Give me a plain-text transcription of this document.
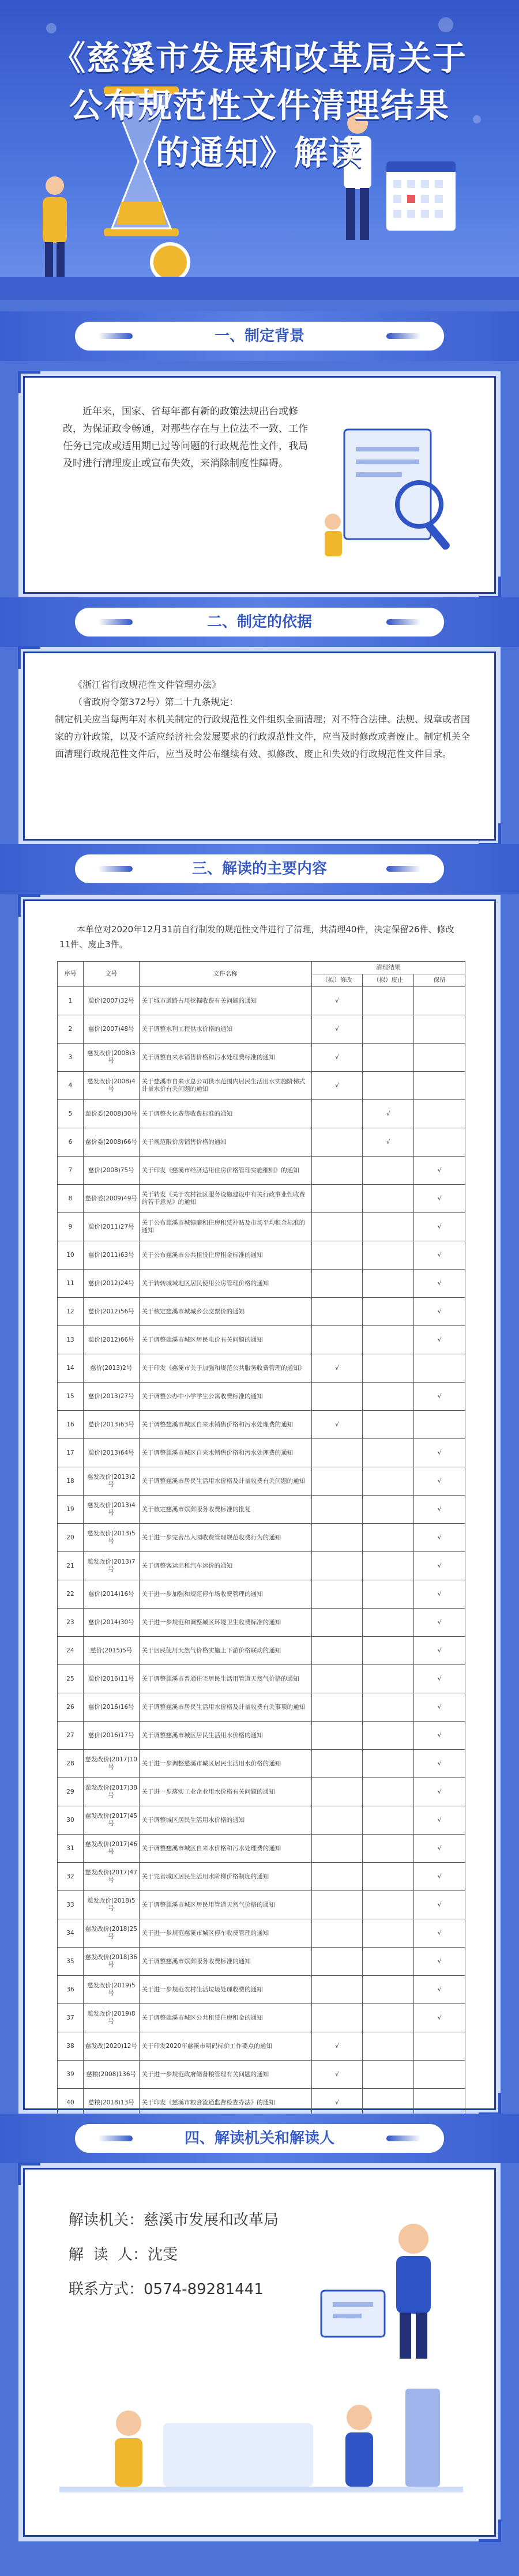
《慈溪市发展和改革局关于
公布规范性文件清理结果
的通知》解读
一、制定背景
近年来，国家、省每年都有新的政策法规出台或修改，为保证政令畅通，对那些存在与上位法不一致、工作任务已完成或适用期已过等问题的行政规范性文件，我局及时进行清理废止或宣布失效，来消除制度性障碍。
二、制定的依据
《浙江省行政规范性文件管理办法》
（省政府令第372号）第二十九条规定：
制定机关应当每两年对本机关制定的行政规范性文件组织全面清理；对不符合法律、法规、规章或者国家的方针政策，以及不适应经济社会发展要求的行政规范性文件，应当及时修改或者废止。制定机关全面清理行政规范性文件后，应当及时公布继续有效、拟修改、废止和失效的行政规范性文件目录。
三、解读的主要内容
本单位对2020年12月31前自行制发的规范性文件进行了清理，共清理40件，决定保留26件、修改11件、废止3件。
序号	文号	文件名称	清理结果		
			（拟）修改	（拟）废止	保留
1	慈价(2007)32号	关于城市道路占用挖掘收费有关问题的通知	√		
2	慈价(2007)48号	关于调整水利工程供水价格的通知	√		
3	慈发改价(2008)3号	关于调整自来水销售价格和污水处理费标准的通知	√		
4	慈发改价(2008)4号	关于慈溪市自来水总公司供水范围内居民生活用水实施阶梯式计量水价有关问题的通知	√		
5	慈价委(2008)30号	关于调整火化费等收费标准的通知		√	
6	慈价委(2008)66号	关于规范限价房销售价格的通知		√	
7	慈价(2008)75号	关于印发《慈溪市经济适用住房价格管理实施细则》的通知			√
8	慈价委(2009)49号	关于转发《关于农村社区服务设施建设中有关行政事业性收费的若干意见》的通知			√
9	慈价(2011)27号	关于公布慈溪市城镇廉租住房租赁补贴及市场平均租金标准的通知			√
10	慈价(2011)63号	关于公布慈溪市公共租赁住房租金标准的通知			√
11	慈价(2012)24号	关于转转城域地区居民使用公房管理价格的通知			√
12	慈价(2012)56号	关于核定慈溪市城城乡公交票价的通知			√
13	慈价(2012)66号	关于调整慈溪市城区居民电价有关问题的通知			√
14	慈价(2013)2号	关于印发《慈溪市关于加强和规范公共服务收费管理的通知》	√		
15	慈价(2013)27号	关于调整公办中小学学生公寓收费标准的通知			√
16	慈价(2013)63号	关于调整慈溪市城区自来水销售价格和污水处理费的通知	√		
17	慈价(2013)64号	关于调整慈溪市城区自来水销售价格和污水处理费的通知			√
18	慈发改价(2013)2号	关于调整慈溪市居民生活用水价格及计量收费有关问题的通知			√
19	慈发改价(2013)4号	关于核定慈溪市殡葬服务收费标准的批复			√
20	慈发改价(2013)5号	关于进一步完善出入园收费管理规范收费行为的通知			√
21	慈发改价(2013)7号	关于调整客运出租汽车运价的通知			√
22	慈价(2014)16号	关于进一步加强和规范停车场收费管理的通知			√
23	慈价(2014)30号	关于进一步规范和调整城区环境卫生收费标准的通知			√
24	慈价(2015)5号	关于居民使用天然气价格实施上下游价格联动的通知			√
25	慈价(2016)11号	关于调整慈溪市普通住宅居民生活用管道天然气价格的通知			√
26	慈价(2016)16号	关于调整慈溪市居民生活用水价格及计量收费有关事项的通知			√
27	慈价(2016)17号	关于调整慈溪市城区居民生活用水价格的通知			√
28	慈发改价(2017)10号	关于进一步调整慈溪市城区居民生活用水价格的通知			√
29	慈发改价(2017)38号	关于进一步落实工业企业用水价格有关问题的通知			√
30	慈发改价(2017)45号	关于调整城区居民生活用水价格的通知			√
31	慈发改价(2017)46号	关于调整慈溪市城区自来水价格和污水处理费的通知			√
32	慈发改价(2017)47号	关于完善城区居民生活用水阶梯价格制度的通知			√
33	慈发改价(2018)5号	关于调整慈溪市城区居民用管道天然气价格的通知			√
34	慈发改价(2018)25号	关于进一步规范慈溪市城区停车收费管理的通知			√
35	慈发改价(2018)36号	关于调整慈溪市殡葬服务收费标准的通知			√
36	慈发改价(2019)5号	关于进一步规范农村生活垃圾处理收费的通知			√
37	慈发改价(2019)8号	关于调整慈溪市城区公共租赁住房租金的通知			√
38	慈发改(2020)12号	关于印发2020年慈溪市明码标价工作要点的通知	√		
39	慈粮(2008)136号	关于进一步规范政府储备粮管理有关问题的通知	√		
40	慈粮(2018)13号	关于印发《慈溪市粮食流通监督检查办法》的通知	√		
四、解读机关和解读人
解读机关：慈溪市发展和改革局
解  读  人：沈雯
联系方式：0574-89281441
